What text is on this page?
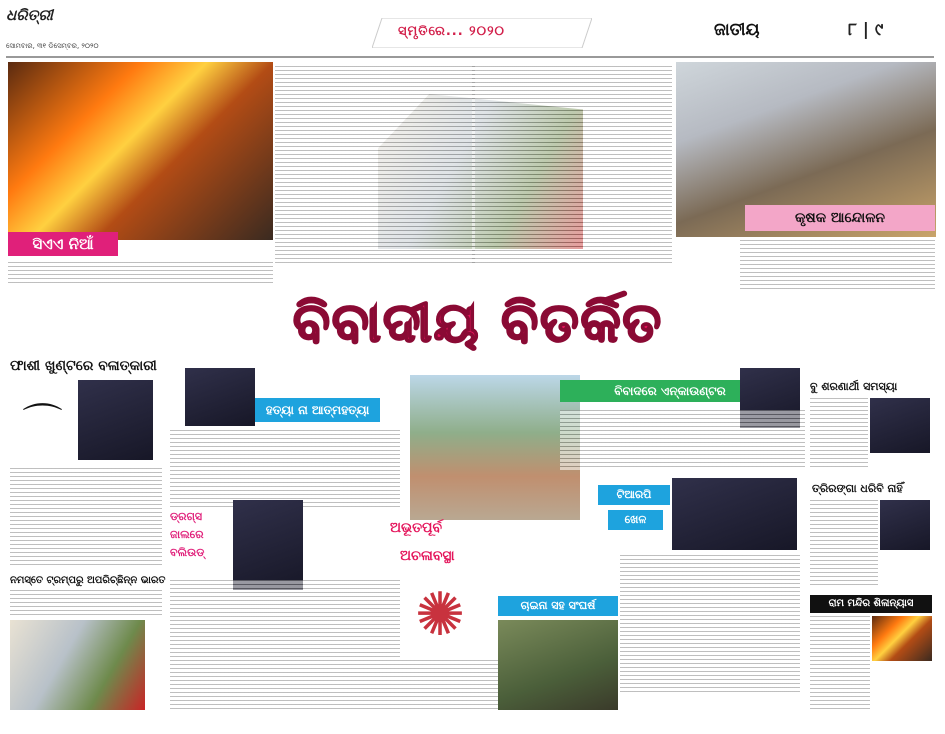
ଧରିତ୍ରୀ
ସୋମବାର, ୩୧ ଡିସେମ୍ବର, ୨୦୨୦
ସ୍ମୃତିରେ... ୨୦୨୦	ଜାତୀୟ	୮ | ୯
ସିଏଏ ନିଆଁ
କୃଷକ ଆନ୍ଦୋଳନ
ବିବାଦୀୟ ବିତର୍କିତ
ଫାଶୀ ଖୁଣ୍ଟରେ ବଳାତ୍କାରୀ
⌒
ନମସ୍ତେ ଟ୍ରମ୍ପରୁ ଅପରିଚ୍ଛିନ୍ନ ଭାରତ
ହତ୍ୟା ନା ଆତ୍ମହତ୍ୟା
ଡ୍ରଗ୍ସ
ଜାଲରେ
ବଲିଉଡ୍
ଅଭୂତପୂର୍ବ
ଅଚଳାବସ୍ଥା
✺
ବିବାଦରେ ଏନ୍‌କାଉଣ୍ଟର
ଟିଆରପି
ଖେଳ
ଚାଇନା ସହ ସଂଘର୍ଷ
ବୁ ଶରଣାର୍ଥୀ ସମସ୍ୟା
ତ୍ରିରଙ୍ଗା ଧରିବି ନାହିଁ
ରାମ ମନ୍ଦିର ଶିଳାନ୍ୟାସ
